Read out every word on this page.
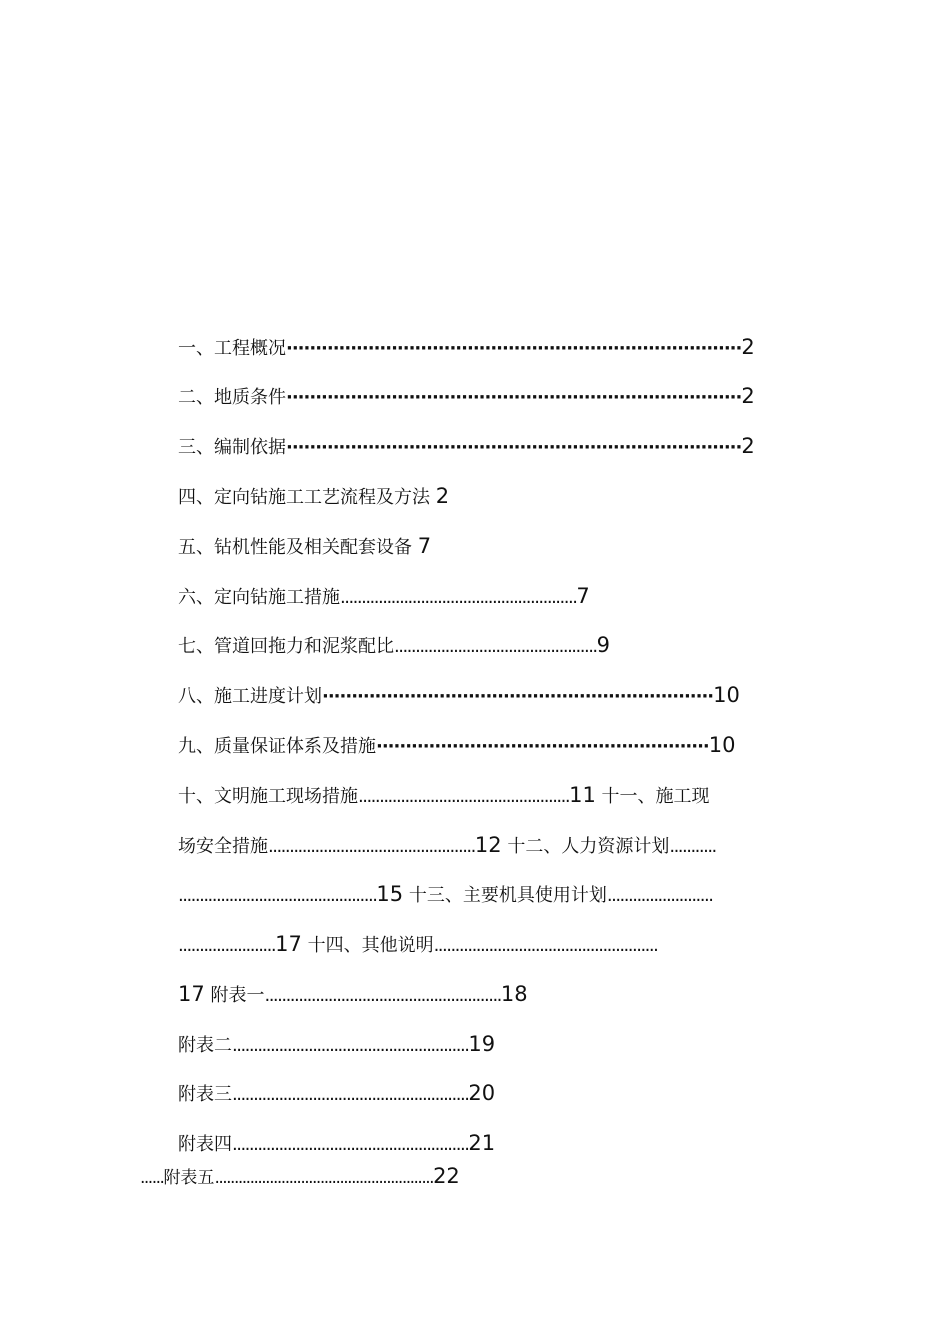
一、工程概况··············································································2
二、地质条件··············································································2
三、编制依据··············································································2
四、定向钻施工工艺流程及方法 2
五、钻机性能及相关配套设备 7
六、定向钻施工措施........................................................7
七、管道回拖力和泥浆配比................................................9
八、施工进度计划···································································10
九、质量保证体系及措施·························································10
十、文明施工现场措施..................................................11 十一、施工现
场安全措施.................................................12 十二、人力资源计划...........
...............................................15 十三、主要机具使用计划.........................
.......................17 十四、其他说明.....................................................
17 附表一........................................................18
附表二........................................................19
附表三........................................................20
附表四........................................................21
......附表五........................................................22
